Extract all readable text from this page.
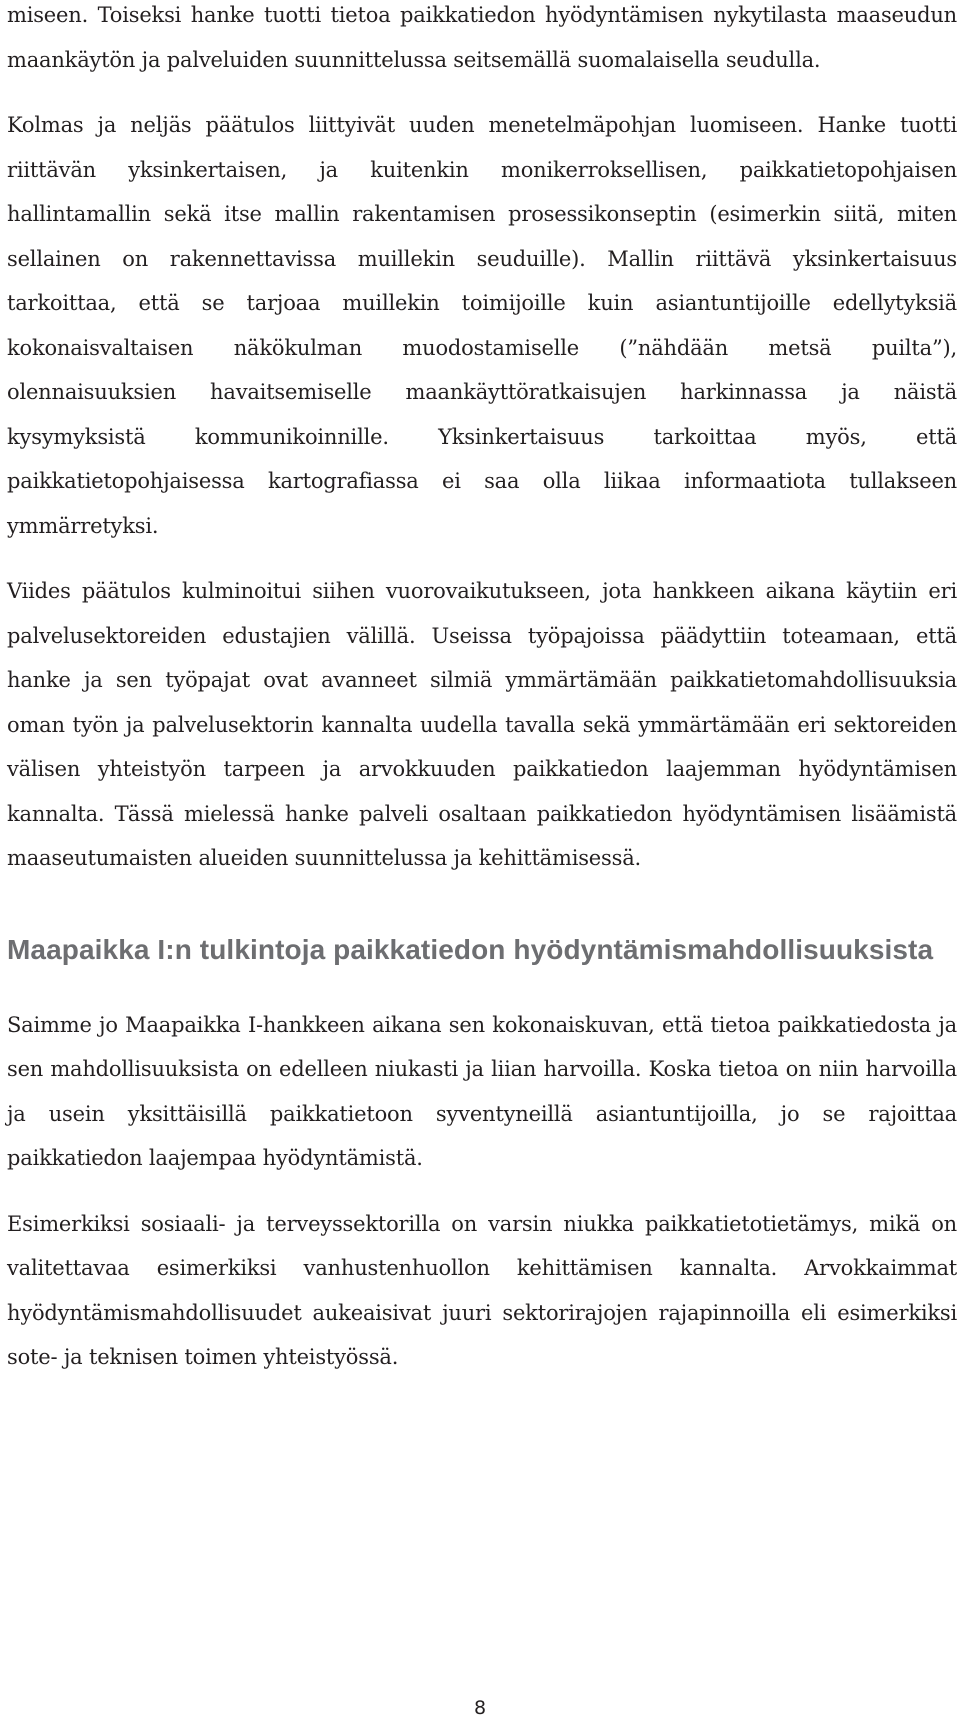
miseen. Toiseksi hanke tuotti tietoa paikkatiedon hyödyntämisen nykytilasta maaseudun maankäytön ja palveluiden suunnittelussa seitsemällä suomalaisella seudulla.

Kolmas ja neljäs päätulos liittyivät uuden menetelmäpohjan luomiseen. Hanke tuotti riittävän yksinkertaisen, ja kuitenkin monikerroksellisen, paikkatietopohjaisen hallintamallin sekä itse mallin rakentamisen prosessikonseptin (esimerkin siitä, miten sellainen on rakennettavissa muillekin seuduille). Mallin riittävä yksinkertaisuus tarkoittaa, että se tarjoaa muillekin toimijoille kuin asiantuntijoille edellytyksiä kokonaisvaltaisen näkökulman muodostamiselle (”nähdään metsä puilta”), olennaisuuksien havaitsemiselle maankäyttöratkaisujen harkinnassa ja näistä kysymyksistä kommunikoinnille. Yksinkertaisuus tarkoittaa myös, että paikkatietopohjaisessa kartografiassa ei saa olla liikaa informaatiota tullakseen ymmärretyksi.

Viides päätulos kulminoitui siihen vuorovaikutukseen, jota hankkeen aikana käytiin eri palvelusektoreiden edustajien välillä. Useissa työpajoissa päädyttiin toteamaan, että hanke ja sen työpajat ovat avanneet silmiä ymmärtämään paikkatietomahdollisuuksia oman työn ja palvelusektorin kannalta uudella tavalla sekä ymmärtämään eri sektoreiden välisen yhteistyön tarpeen ja arvokkuuden paikkatiedon laajemman hyödyntämisen kannalta. Tässä mielessä hanke palveli osaltaan paikkatiedon hyödyntämisen lisäämistä maaseutumaisten alueiden suunnittelussa ja kehittämisessä.

Maapaikka I:n tulkintoja paikkatiedon hyödyntämismahdollisuuksista

Saimme jo Maapaikka I-hankkeen aikana sen kokonaiskuvan, että tietoa paikkatiedosta ja sen mahdollisuuksista on edelleen niukasti ja liian harvoilla. Koska tietoa on niin harvoilla ja usein yksittäisillä paikkatietoon syventyneillä asiantuntijoilla, jo se rajoittaa paikkatiedon laajempaa hyödyntämistä.

Esimerkiksi sosiaali- ja terveyssektorilla on varsin niukka paikkatietotietämys, mikä on valitettavaa esimerkiksi vanhustenhuollon kehittämisen kannalta. Arvokkaimmat hyödyntämismahdollisuudet aukeaisivat juuri sektorirajojen rajapinnoilla eli esimerkiksi sote- ja teknisen toimen yhteistyössä.

8
